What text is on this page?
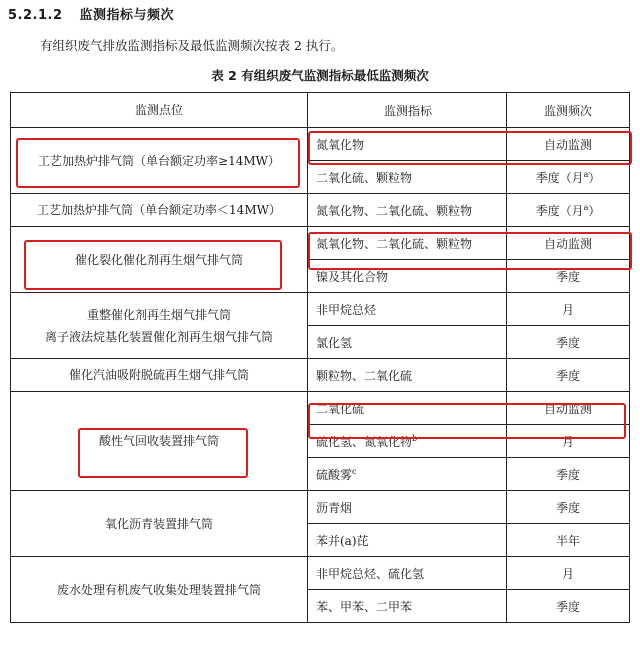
5.2.1.2 监测指标与频次
有组织废气排放监测指标及最低监测频次按表 2 执行。
表 2 有组织废气监测指标最低监测频次
监测点位	监测指标	监测频次
工艺加热炉排气筒（单台额定功率≥14MW）	氮氧化物	自动监测
	二氧化硫、颗粒物	季度（月$^a$）
工艺加热炉排气筒（单台额定功率＜14MW）	氮氧化物、二氧化硫、颗粒物	季度（月$^a$）
催化裂化催化剂再生烟气排气筒	氮氧化物、二氧化硫、颗粒物	自动监测
	镍及其化合物	季度

重整催化剂再生烟气排气筒
离子液法烷基化装置催化剂再生烟气排气筒	非甲烷总烃	月
	氯化氢	季度
催化汽油吸附脱硫再生烟气排气筒	颗粒物、二氧化硫	季度
酸性气回收装置排气筒	二氧化硫	自动监测
	硫化氢、氮氧化物$^b$	月
	硫酸雾$^c$	季度
氧化沥青装置排气筒	沥青烟	季度
	苯并(a)芘	半年
废水处理有机废气收集处理装置排气筒	非甲烷总烃、硫化氢	月
	苯、甲苯、二甲苯	季度
